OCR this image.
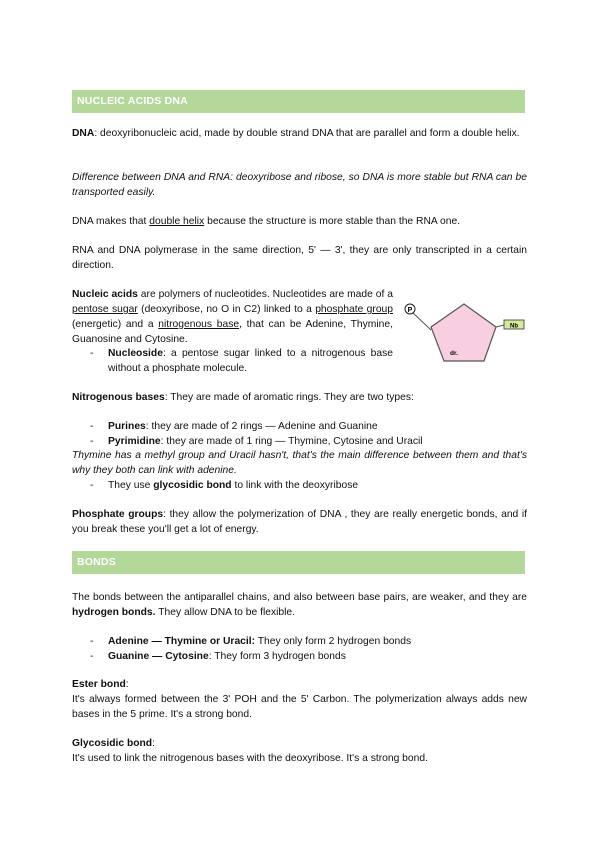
NUCLEIC ACIDS DNA
DNA: deoxyribonucleic acid, made by double strand DNA that are parallel and form a double helix.
Difference between DNA and RNA: deoxyribose and ribose, so DNA is more stable but RNA can be transported easily.
DNA makes that double helix because the structure is more stable than the RNA one.
RNA and DNA polymerase in the same direction, 5' — 3', they are only transcripted in a certain direction.
Nucleic acids are polymers of nucleotides. Nucleotides are made of a pentose sugar (deoxyribose, no O in C2) linked to a phosphate group (energetic) and a nitrogenous base, that can be Adenine, Thymine, Guanosine and Cytosine.
- Nucleoside: a pentose sugar linked to a nitrogenous base without a phosphate molecule.
P
Nb
dr.
Nitrogenous bases: They are made of aromatic rings. They are two types:
- Purines: they are made of 2 rings — Adenine and Guanine
- Pyrimidine: they are made of 1 ring — Thymine, Cytosine and Uracil
Thymine has a methyl group and Uracil hasn't, that's the main difference between them and that's why they both can link with adenine.
- They use glycosidic bond to link with the deoxyribose
Phosphate groups: they allow the polymerization of DNA , they are really energetic bonds, and if you break these you'll get a lot of energy.
BONDS
The bonds between the antiparallel chains, and also between base pairs, are weaker, and they are hydrogen bonds. They allow DNA to be flexible.
- Adenine — Thymine or Uracil: They only form 2 hydrogen bonds
- Guanine — Cytosine: They form 3 hydrogen bonds
Ester bond:
It's always formed between the 3' POH and the 5' Carbon. The polymerization always adds new bases in the 5 prime. It's a strong bond.
Glycosidic bond:
It's used to link the nitrogenous bases with the deoxyribose. It's a strong bond.
